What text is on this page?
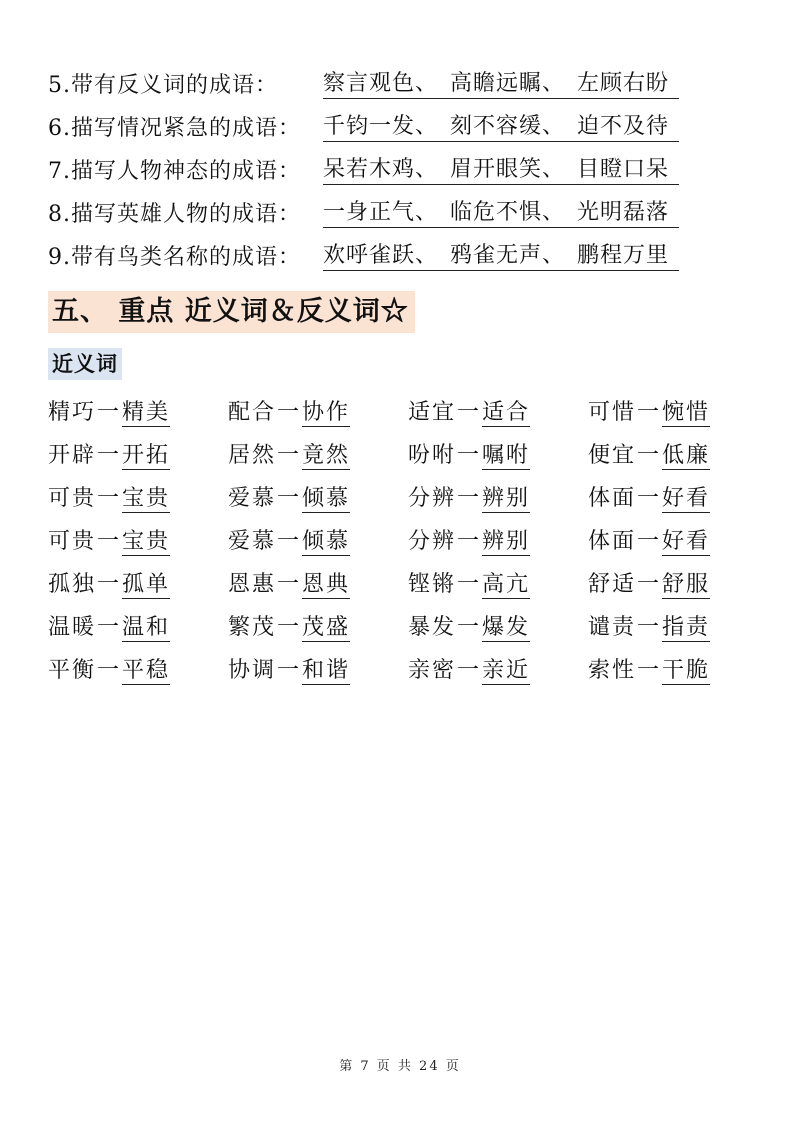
5.带有反义词的成语：	察言观色、 高瞻远瞩、 左顾右盼
6.描写情况紧急的成语：	千钧一发、 刻不容缓、 迫不及待
7.描写人物神态的成语：	呆若木鸡、 眉开眼笑、 目瞪口呆
8.描写英雄人物的成语：	一身正气、 临危不惧、 光明磊落
9.带有鸟类名称的成语：	欢呼雀跃、 鸦雀无声、 鹏程万里
五、 重点 近义词＆反义词☆
近义词
精巧一精美	配合一协作	适宜一适合	可惜一惋惜
开辟一开拓	居然一竟然	吩咐一嘱咐	便宜一低廉
可贵一宝贵	爱慕一倾慕	分辨一辨别	体面一好看
可贵一宝贵	爱慕一倾慕	分辨一辨别	体面一好看
孤独一孤单	恩惠一恩典	铿锵一高亢	舒适一舒服
温暖一温和	繁茂一茂盛	暴发一爆发	谴责一指责
平衡一平稳	协调一和谐	亲密一亲近	索性一干脆
第 7 页 共 24 页
